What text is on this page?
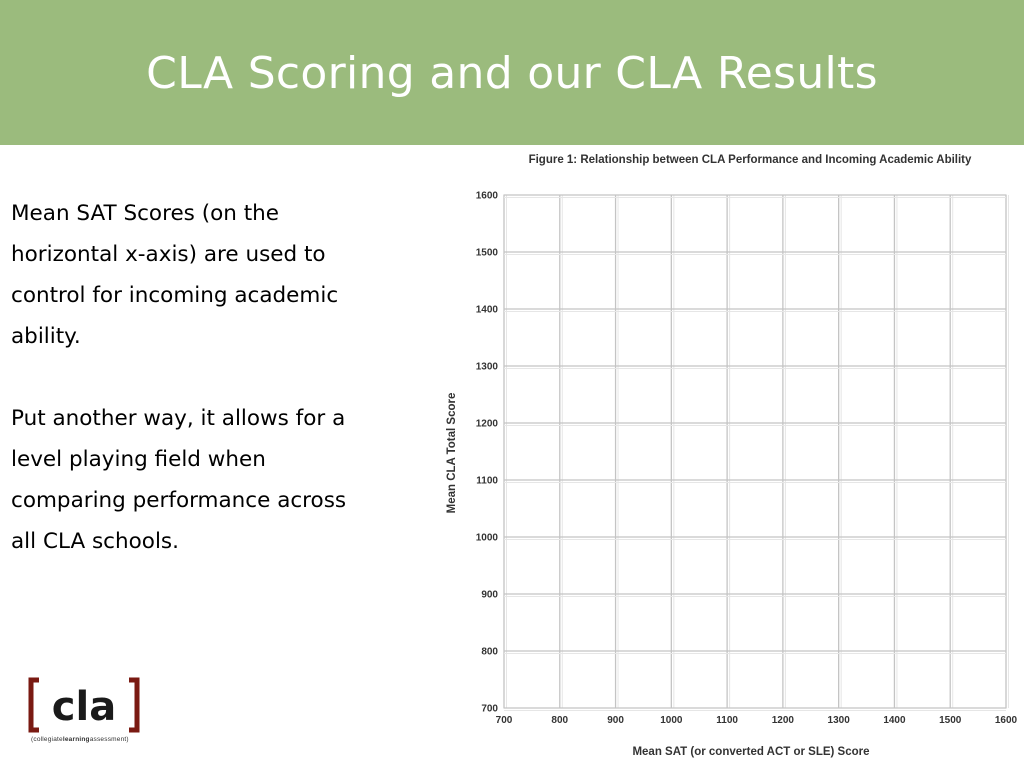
CLA Scoring and our CLA Results

Mean SAT Scores (on the horizontal x-axis) are used to control for incoming academic ability.

Put another way, it allows for a level playing field when comparing performance across all CLA schools.

Figure 1: Relationship between CLA Performance and Incoming Academic Ability
Mean CLA Total Score
Mean SAT (or converted ACT or SLE) Score
700	800	900	1000	1100	1200	1300	1400	1500	1600
700
800
900
1000
1100
1200
1300
1400
1500
1600
cla
(collegiatelearningassessment)
